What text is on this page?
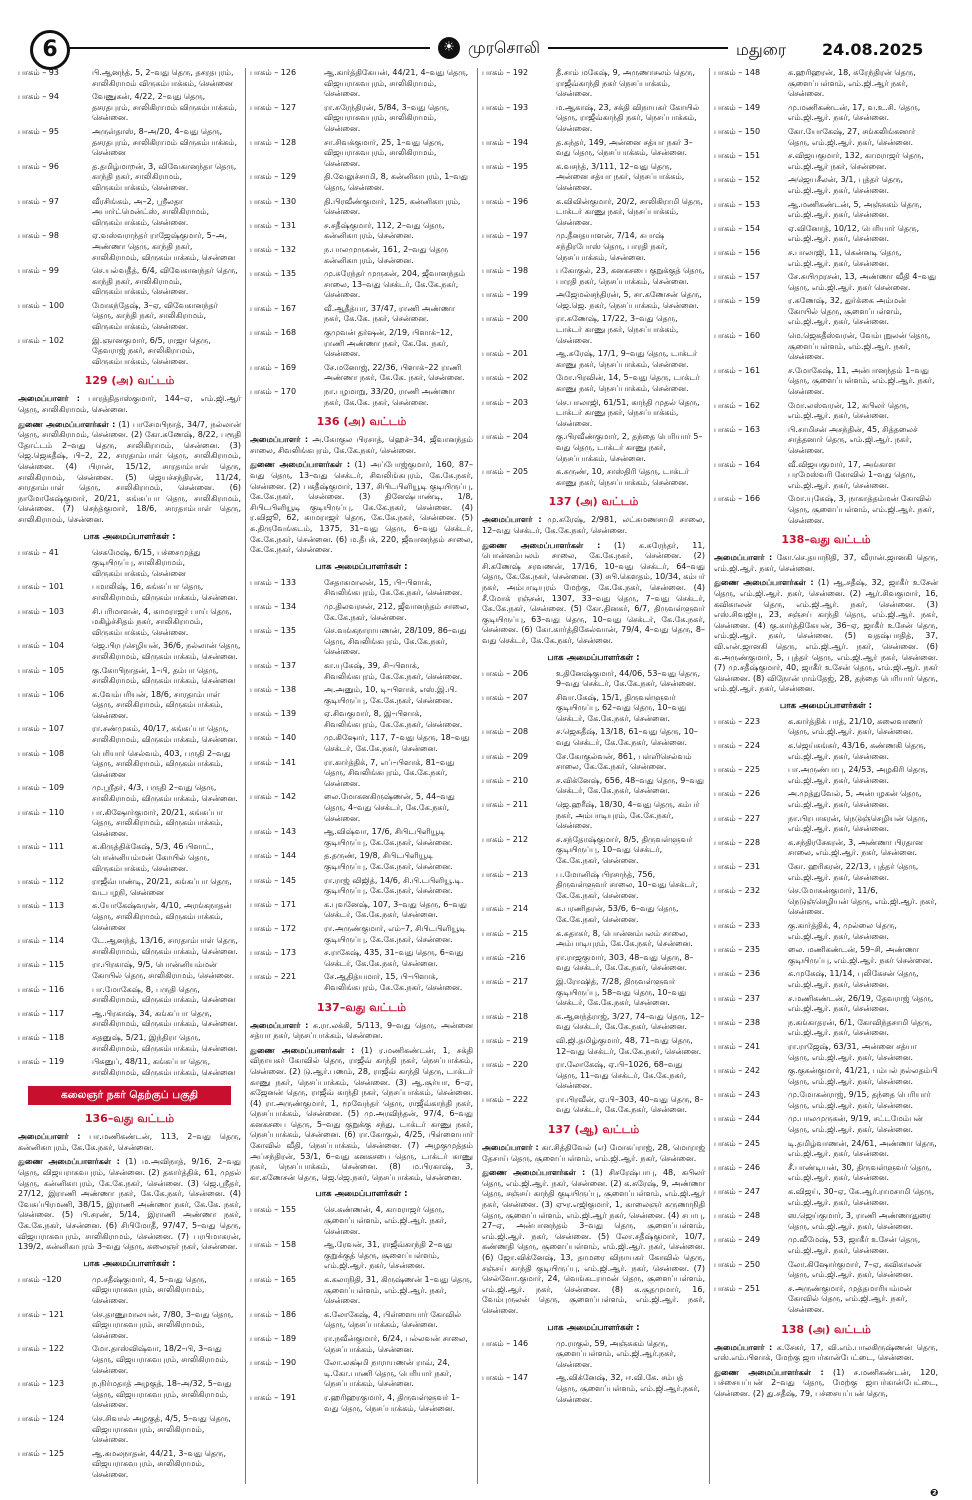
6	☀ முரசொலி	மதுரை 24.08.2025
பாகம் – 93	பி.ஆனந்த், 5, 2–வது தெரு, தசரதபுரம், சாலிகிராமம் விருகம்பாக்கம், சென்னை
பாகம் – 94	வேணுகன், 4/22, 2–வது தெரு, தசரதபுரம், சாலிகிராமம் விருகம்பாக்கம், சென்னை.
பாகம் – 95	அருள்தாஸ், 8–அ/20, 4–வது தெரு, தசரதபுரம், சாலிகிராமம் விருகம்பாக்கம், சென்னை
பாகம் – 96	த.தமிழ்மாறன், 3, விவேகானந்தா தெரு, காந்தி நகர், சாலிகிராமம், விருகம்பாக்கம், சென்னை.
பாகம் – 97	வீரசிங்கம், அ–2, ஸ்ரீலதா அபார்ட்மென்ட்ஸ், சாலிகிராமம், விருகம்பாக்கம், சென்னை.
பாகம் – 98	ஏ.வஸ்வராந்தர் ராஜேஷ்குமார், 5–அ, அண்ணா தெரு, காந்தி நகர், சாலிகிராமம், விருகம்பாக்கம், சென்னை
பாகம் – 99	செ.யல்வதீத், 6/4, விவேகானந்தர் தெரு, காந்தி நகர், சாலிகிராமம், விருகம்பாக்கம், சென்னை.
பாகம் – 100	மோகந்தேஷ், 3–ஏ, விவேகானந்தர் தெரு, காந்தி நகர், சாலிகிராமம், விருகம்பாக்கம், சென்னை.
பாகம் – 102	இ.ஞானகுமார், 6/5, ராஜா தெரு, தேவராஜ் நகர், சாலிகிராமம், விருகம்பாக்கம், சென்னை.
129 (அ) வட்டம்
அமைப்பாளர் : பாரத்திதாஸ்குமார், 144–ஏ, எம்.ஜி.ஆர் தெரு, சாலிகிராமம், சென்னை.
துணை அமைப்பாளர்கள் : (1) பாசேமபிநாத், 34/7, நல்லான் தெரு, சாலிகிராமம், சென்னை. (2) கோ.கணேஷ், 8/22, பரூதி தோட்டம் 2–வது தெரு, சாலிகிராமம், சென்னை. (3) ஜெ.ஜெகதீஷ், பி–2, 22, சாரதாம்பாள் தெரு, சாலிகிராமம், சென்னை. (4) பிரான், 15/12, சாரதாம்பாள் தெரு, சாலிகிராமம், சென்னை. (5) ஜெயச்சந்திரன், 11/24, சாரதாம்பாள் தெரு, சாலிகிராமம், சென்னை. (6) நாமோகேஷ்குமார், 20/21, கங்கப்பா தெரு, சாலிகிராமம், சென்னை. (7) செந்த்குமார், 18/6, சாரதாம்பாள் தெரு, சாலிகிராமம், சென்னை.
பாக அமைப்பாளர்கள் :
பாகம் – 41	செசுமேஷ், 6/15, பச்சைமுத்து குடியிருப்பு, சாலிகிராமம், விருகம்பாக்கம், சென்னை
பாகம் – 101	பமாலிஷ், 16, கங்கப்பா தெரு, சாலிகிராமம், விருகம்பாக்கம், சென்னை.
பாகம் – 103	சி.பரிமாளன், 4, காமராஜர் பாய் தெரு, மகிழ்ச்சிதம் நகர், சாலிகிராமம், விருகம்பாக்கம், சென்னை.
பாகம் – 104	ஜெ.பிரபுசெழியன், 36/6, நல்லான் தெரு, சாலிகிராமம், விருகம்பாக்கம், சென்னை.
பாகம் – 105	கு.கோபிநாதன், 1–பி, தம்பா தெரு, சாலிகிராமம், விருகம்பாக்கம், சென்னை
பாகம் – 106	க.வேம்பரியன், 18/6, சாரதாம்பாள் தெரு, சாலிகிராமம், விருகம்பாக்கம், சென்னை.
பாகம் – 107	ரா.சண்முகம், 40/17, கங்கப்பா தெரு, சாலிகிராமம், விருகம்பாக்கம், சென்னை.
பாகம் – 108	பெரியார் செல்வம், 403, பருதி 2–வது தெரு, சாலிகிராமம், விருகம்பாக்கம், சென்னை
பாகம் – 109	மு.ஸ்ரீதர், 4/3, பருதி 2–வது தெரு, சாலிகிராமம், விருகம்பாக்கம், சென்னை.
பாகம் – 110	பா.கிஷோர்குமார், 20/21, கங்கப்பா தெரு, சாலிகிராமம், விருகம்பாக்கம், சென்னை.
பாகம் – 111	க.கிருத்திக்கேஷ், 5/3, 46 பிளாட், பொன்னியம்மன் கோயில் தெரு, விருகம்பாக்கம், சென்னை.
பாகம் – 112	ராஜீவ்பாண்டி, 20/21, கங்கப்பா தெரு, வடபழநி, சென்னை
பாகம் – 113	க.யோகேஷ்வரன், 4/10, அரங்கநாதன் தெரு, சாலிகிராமம், விருகம்பாக்கம், சென்னை
பாகம் – 114	டே.ஆனந்த், 13/16, சாரதாம்பாள் தெரு, சாலிகிராமம், விருகம்பாக்கம், சென்னை.
பாகம் – 115	ரா.பிரகாஷ், 9/5, பொன்னியம்மன் கோயில் தெரு, சாலிகிராமம், சென்னை.
பாகம் – 116	பா.மோகேஷ், 8, பருதி தெரு, சாலிகிராமம், விருகம்பாக்கம், சென்னை
பாகம் – 117	ஆ.பிரகாஷ், 34, கங்கப்பா தெரு, சாலிகிராமம், விருகம்பாக்கம், சென்னை.
பாகம் – 118	சுதனுஷ், 5/21, இந்திரா தெரு, சாலிகிராமம், விருகம்பாக்கம், சென்னை.
பாகம் – 119	பிகனுப், 48/11, கங்கப்பா தெரு, சாலிகிராமம், விருகம்பாக்கம், சென்னை
கலைஞர் நகர் தெற்குப் பகுதி
136–வது வட்டம்
அமைப்பாளர் : பா.மணிகண்டன், 113, 2–வது தெரு, கன்னிகாபுரம், கே.கே.நகர், சென்னை.
துணை அமைப்பாளர்கள் : (1) ம.அவிநாத், 9/16, 2–வது தெரு, விஜயராகவபுரம், சென்னை. (2) தகார்த்திக், 61, முதல் தெரு, கன்னிகாபுரம், கே.கே.நகர், சென்னை. (3) ஜெ.ஸ்ரீதர், 27/12, இராணி அண்ணா நகர், கே.கே.நகர், சென்னை. (4) வேசுப்பிரமணி, 38/15, இராணி அண்ணா நகர், கே.கே. நகர், சென்னை. (5) பி.சரண், 5/14, இராணி அண்ணா நகர், கே.கே.நகர், சென்னை. (6) சிபிமோதீ, 97/47, 5–வது தெரு, விஜயராகவபுரம், சாலிகிராமம், சென்னை. (7) பரபிமாகரன், 139/2, கன்னிகாபுரம் 3–வது தெரு, கலைஞர் நகர், சென்னை.
பாக அமைப்பாளர்கள் :
பாகம் –120	மு.சதீஷ்குமார், 4, 5–வது தெரு, விஜயராகவபுரம், சாலிகிராமம், சென்னை.
பாகம் – 121	செ.தாணுமாலயன், 7/80, 3–வது தெரு, விஜயராகவபுரம், சாலிகிராமம், சென்னை.
பாகம் – 122	மோ.தாஸ்விஷ்வா, 18/2–பி, 3–வது தெரு, விஜயராகவபுரம், சாலிகிராமம், சென்னை.
பாகம் – 123	ந.நிர்மதாத் அழகுத், 18–அ/32, 5–வது தெரு, விஜயராகவபுரம், சாலிகிராமம், சென்னை.
பாகம் – 124	செ.சிவால் அழகுத், 4/5, 5–வது தெரு, விஜயராகவபுரம், சாலிகிராமம், சென்னை.
பாகம் – 125	ஆ.கமலநாதன், 44/21, 3–வது தெரு, விஜயராகவபுரம், சாலிகிராமம், சென்னை.
பாகம் – 126	ஆ.கார்த்திகேயன், 44/21, 4–வது தெரு, விஜயராகவபுரம், சாலிகிராமம், சென்னை.
பாகம் – 127	ரா.சுரேந்திரன், 5/84, 3–வது தெரு, விஜயராகவபுரம், சாலிகிராமம், சென்னை.
பாகம் – 128	சா.சிவக்குமார், 25, 1–வது தெரு, விஜயராகவபுரம், சாலிகிராமம், சென்னை.
பாகம் – 129	தி.வேலுச்சாமி, 8, கன்னிகாபுரம், 1–வது தெரு, சென்னை.
பாகம் – 130	தி.பிரவீண்குமார், 125, கன்னிகாபுரம், சென்னை.
பாகம் – 131	ச.சதீஷ்குமார், 112, 2–வது தெரு, கன்னிகாபுரம், சென்னை.
பாகம் – 132	ந.பாலமுருகன், 161, 2–வது தெரு கன்னிகாபுரம், சென்னை.
பாகம் – 135	மு.சுரேந்தர் முருகன், 204, ஜீவானந்தம் சாலை, 13–வது செக்டர், கே.கே.நகர், சென்னை.
பாகம் – 167	வீ.ஆதீத்யா, 37/47, ராணி அண்ணா நகர், கே.கே. நகர், சென்னை.
பாகம் – 168	குமுவன் தர்ஷன், 2/19, பிளாக்–12, ராணி அண்ணா நகர், கே.கே. நகர், சென்னை.
பாகம் – 169	சே.மனோஜ், 22/36, பிளாக்–22 ராணி அண்ணா நகர், கே.கே. நகர், சென்னை.
பாகம் – 170	நா.பழமாறு, 33/20, ராணி அண்ணா நகர், கே.கே. நகர், சென்னை.
136 (அ) வட்டம்
அமைப்பாளர் : அ.கோகுல பிரசாத், ஹெச்–34, ஜீவானந்தம் சாலை, சிவலிங்கபுரம், கே.கே.நகர், சென்னை.
துணை அமைப்பாளர்கள் : (1) அப்போஜ்குமார், 160, 87–வது தெரு, 13–வது செக்டர், சிவலிங்கபுரம், கே.கே.நகர், சென்னை. (2) பகதீஷ்குமார், 137, சிபிடபிளியூடி குடியிருப்பு, கே.கே.நகர், சென்னை. (3) தினேஷ்பாண்டி, 1/8, சிபிடபிளியூடி குடியிருப்பு, கே.கே.நகர், சென்னை. (4) ர.விஜூ, 62, காமராஜர் தெரு, கே.கே.நகர், சென்னை. (5) க.திருவேங்கடம், 1375, 31–வது தெரு, 6–வது செக்டர், கே.கே.நகர், சென்னை. (6) ம.தீபக், 220, ஜீவானந்தம் சாலை, கே.கே.நகர், சென்னை.
பாக அமைப்பாளர்கள் :
பாகம் – 133	சேதாகமாலன், 15, பி–பிளாக், சிவலிங்கபுரம், கே.கே.நகர், சென்னை.
பாகம் – 134	மு.திலவரசன், 212, ஜீவானந்தம் சாலை, கே.கே.நகர், சென்னை.
பாகம் – 135	செ.வங்கநாராயணன், 28/109, 86–வது தெரு, சிவலிங்கபுரம், கே.கே.நகர், சென்னை.
பாகம் – 137	கா.யுகேஷ், 39, சி–பிளாக், சிவலிங்கபுரம், கே.கே.நகர், சென்னை.
பாகம் – 138	அ.அனும், 10, டி–பிளாக், எஸ்.இ.பி. குடியிருப்பு, கே.கே.நகர், சென்னை.
பாகம் – 139	ஏ.சிவகுமார், 8, இ–பிளாக், சிவலிங்கபுரம், கே.கே.நகர், சென்னை.
பாகம் – 140	மு.கிஷோர், 117, 7–வது தெரு, 18–வது செக்டர், கே.கே.நகர், சென்னை.
பாகம் – 141	ரா.கார்த்திக், 7, எப்–பிளாக், 81–வது தெரு, சிவலிங்கபுரம், கே.கே.நகர், சென்னை.
பாகம் – 142	லை.மோகனகிருஷ்ணன், 5, 44–வது தெரு, 4–வது செக்டர், கே.கே.நகர், சென்னை.
பாகம் – 143	ஆ.விஷ்வா, 17/6, சிபிடபிளியூடி குடியிருப்பு, கே.கே.நகர், சென்னை.
பாகம் – 144	த.தருண், 19/8, சிபிடபிளியூடி குடியிருப்பு, கே.கே.நகர், சென்னை.
பாகம் – 145	ரா.ராஜ் விஜித், 14/6, சி.பி.டபிளியூ.டி. குடியிருப்பு, கே.கே.நகர், சென்னை.
பாகம் – 171	க.புவனேஷ், 107, 3–வது தெரு, 6–வது செக்டர், கே.கே.நகர், சென்னை.
பாகம் – 172	ரா.அருண்குமார், எம்–7, சிபிடபிளியூடி குடியிருப்பு, கே.கே.நகர், சென்னை.
பாகம் – 173	ச.ராகேஷ், 435, 31–வது தெரு, 6–வது செக்டர், கே.கே.நகர், சென்னை.
பாகம் – 221	சே.ஆதித்யமார், 15, பி–பிளாக், சிவலிங்கபுரம், கே.கே.நகர், சென்னை.
137–வது வட்டம்
அமைப்பாளர் : சு.ரா.லக்கி, 5/113, 9–வது தெரு, அன்னை சத்யா நகர், நெசப்பாக்கம், சென்னை.
துணை அமைப்பாளர்கள் : (1) ர.மணிகண்டன், 1, சக்தி விநாயகர் கோவில் தெரு, ராஜீவ் காந்தி நகர், நெசப்பாக்கம், சென்னை. (2) டு.ஆர்.பணம், 28, ராஜீவ் காந்தி தெரு, டாக்டர் காணு நகர், நெசப்பாக்கம், சென்னை. (3) ஆ.சூர்யா, 6–ஏ, கஜேனன் தெரு, ராஜீவ் காந்தி நகர், நெசப்பாக்கம், சென்னை. (4) ரா.அருண்குமார், 1, மூவேந்தர் தெரு, ராஜீவ்காந்தி நகர், நெசப்பாக்கம், சென்னை. (5) மு.அரவிந்தன், 97/4, 6–வது கனகசபை தெரு, 5–வது குறுக்கு சந்து, டாக்டர் காணு நகர், நெசப்பாக்கம், சென்னை. (6) ரா.கோகுல், 4/25, பிள்ளையார் கோவில் வீதி, நெசப்பாக்கம், சென்னை. (7) அழகுமுத்தம் அப்சந்திரன், 53/1, 6–வது கனகசபை தெரு, டாக்டர் காணு நகர், நெசப்பாக்கம், சென்னை. (8) ம.பிரகாஷ், 3, கா.கணேசன் தெரு, ஜெ.ஜெ.நகர், நெசப்பாக்கம், சென்னை.
பாக அமைப்பாளர்கள் :
பாகம் – 155	செ.கண்ணன், 4, காமராஜர் தெரு, சூளைப்பள்ளம், எம்.ஜி.ஆர். நகர், சென்னை.
பாகம் – 158	ஆ.ரேவன், 31, ராஜீவ்காந்தி 2–வது குறுக்குத் தெரு, சூளைப்பள்ளம், எம்.ஜி.ஆர். நகர், சென்னை.
பாகம் – 165	க.கலாநிதி, 31, கிருஷ்ணன் 1–வது தெரு, சூளைப்பள்ளம், எம்.ஜி.ஆர். நகர், சென்னை.
பாகம் – 186	க.லோகேஷ், 4, பிள்ளையார் கோவில் தெரு, நெசப்பாக்கம், சென்னை.
பாகம் – 189	ரா.நவீன்குமார், 6/24, பல்லவன் சாலை, நெசப்பாக்கம், சென்னை.
பாகம் – 190	லோ.லக்ஷ்மி நாராயணன் ராவ், 24, டி.கோ.பாணி தெரு, பெரியார் நகர், நெசப்பாக்கம், சென்னை.
பாகம் – 191	ர.ஹரிஹரகுமார், 4, திருவள்ளுவர் 1–வது தெரு, நெசப்பாக்கம், சென்னை.
பாகம் – 192	தீ.சாம் மகேஷ், 9, அருணாசலம் தெரு, ராஜீவ்காந்தி நகர் நெசப்பாக்கம், சென்னை.
பாகம் – 193	ம.ஆகாஷ், 23, சக்தி விநாயகர் கோயில் தெரு, ராஜீவ்காந்தி நகர், நெசப்பாக்கம், சென்னை.
பாகம் – 194	த.சுந்தர், 149, அன்னை சத்யா நகர் 3–வது தெரு, நெசப்பாக்கம், சென்னை.
பாகம் – 195	க.வசந்த், 3/111, 12–வது தெரு, அன்னை சத்யா நகர், நெசப்பாக்கம், சென்னை.
பாகம் – 196	க.விவின்குமார், 20/2, சாலிகிராமி தெரு, டாக்டர் காணு நகர், நெசப்பாக்கம், சென்னை.
பாகம் – 197	மு.தீனதயாளன், 7/14, சுபாஷ் சந்திரபோஸ் தெரு, பாரதி நகர், நெசப்பாக்கம், சென்னை.
பாகம் – 198	பகோகுல், 23, கனகசபை குறுக்குத் தெரு, பாரதி நகர், நெசப்பாக்கம், சென்னை.
பாகம் – 199	அஜேமல்சந்திரன், 5, சா.கணேசன் தெரு, ஜெ.ஜெ. நகர், நெசப்பாக்கம், சென்னை.
பாகம் – 200	ரா.கணேஷ், 17/22, 3–வது தெரு, டாக்டர் காணு நகர், நெசப்பாக்கம், சென்னை.
பாகம் – 201	ஆ.சுரேஷ், 17/1, 9–வது தெரு, டாக்டர் காணு நகர், நெசப்பாக்கம், சென்னை.
பாகம் – 202	மோ.பிரவின், 14, 5–வது தெரு, டாக்டர் காணு நகர், நெசப்பாக்கம், சென்னை.
பாகம் – 203	செ.பாலாஜி, 61/51, காந்தி முதல் தெரு, டாக்டர் காணு நகர், நெசப்பாக்கம், சென்னை.
பாகம் – 204	கு.பிரவீண்குமார், 2, தந்தை பெரியார் 5–வது தெரு, டாக்டர் காணு நகர், நெசப்பாக்கம், சென்னை.
பாகம் – 205	க.சுருண், 10, சாஸ்திரி தெரு, டாக்டர் காணு நகர், நெசப்பாக்கம், சென்னை.
137 (அ) வட்டம்
அமைப்பாளர் : மு.சுரேஷ், 2/981, லட்சுமணசாமி சாலை, 12–வது செக்டர், கே.கே.நகர், சென்னை.
துணை அமைப்பாளர்கள் : (1) க.சுரேந்தர், 11, பொன்னம்பலம் சாலை, கே.கே.நகர், சென்னை. (2) சி.கணேஷ் சரவணன், 17/16, 10–வது செக்டர், 64–வது தெரு, கே.கே.நகர், சென்னை. (3) சபி.கௌதம், 10/34, கம்பர் நகர், அம்பாடியுரம் மேற்கு, கே.கே.நகர், சென்னை. (4) சீ.மோக் ரஞ்சன், 1307, 33–வது தெரு, 7–வது செக்டர், கே.கே.நகர், சென்னை. (5) கோ.தினகர், 6/7, திருவள்ளுவர் குடியிருப்பு, 63–வது தெரு, 10–வது செக்டர், கே.கே.நகர், சென்னை. (6) கோ.கார்த்திகேல்வான், 79/4, 4–வது தெரு, 8–வது செக்டர், கே.கே.நகர், சென்னை.
பாக அமைப்பாளர்கள் :
பாகம் – 206	உதினேஷ்குமார், 44/06, 53–வது தெரு, 9–வது செக்டர், கே.கே.நகர், சென்னை.
பாகம் – 207	சிவா.கேஷ், 15/1, திருவள்ளுவர் குடியிருப்பு, 62–வது தெரு, 10–வது செக்டர், கே.கே.நகர், சென்னை.
பாகம் – 208	ச.ஜெகதீஷ், 13/18, 61–வது தெரு, 10–வது செக்டர், கே.கே.நகர், சென்னை.
பாகம் – 209	சே.கோகுல்வன், 861, பள்ளிசெல்வம் சாலை, கே.கே.நகர், சென்னை.
பாகம் – 210	ச.விக்னேஷ், 656, 48–வது தெரு, 9–வது செக்டர், கே.கே.நகர், சென்னை.
பாகம் – 211	ஜெ.ஹரீஷ், 18/30, 4–வது தெரு, கம்பர் நகர், அம்பாடியுரம், கே.கே.நகர், சென்னை.
பாகம் – 212	ச.சந்தோஷ்குமார், 8/5, திருவள்ளுவர் குடியிருப்பு, 10–வது செக்டர், கே.கே.நகர், சென்னை.
பாகம் – 213	ப.மோனிஷ் பிரசாந்த், 756, திருவள்ளுவர் சாலை, 10–வது செக்டர், கே.கே.நகர், சென்னை.
பாகம் – 214	க.பரணிதரன், 53/6, 6–வது தெரு, கே.கே.நகர், சென்னை.
பாகம் – 215	க.சுதாகர், 8, பொன்னம்பலம் சாலை, அம்பாடியுரம், கே.கே.நகர், சென்னை.
பாகம் –216	ரா.ராஜகுமார், 303, 48–வது தெரு, 8–வது செக்டர், கே.கே.நகர், சென்னை.
பாகம் – 217	இ.ரோஷித், 7/28, திருவள்ளுவர் குடியிருப்பு, 58–வது தெரு, 10–வது செக்டர், கே.கே.நகர், சென்னை.
பாகம் – 218	க.ஆனந்த்ராஜ், 3/27, 74–வது தெரு, 12–வது செக்டர், கே.கே.நகர், சென்னை.
பாகம் – 219	வி.ஜி.தமிழ்குமார், 48, 71–வது தெரு, 12–வது செக்டர், கே.கே.நகர், சென்னை.
பாகம் – 220	ரா.லோகேஷ், ஏ.பி–1026, 68–வது தெரு, 11–வது செக்டர், கே.கே.நகர், சென்னை.
பாகம் – 222	ரா.பிரவீன், ஏ.பி–303, 40–வது தெரு, 8–வது செக்டர், கே.கே.நகர், சென்னை.
137 (ஆ) வட்டம்
அமைப்பாளர் : கா.சித்திவேல் (எ) மோகப்ராஜ், 28, மொராஜ் தேசாய் தெரு, சூளைப்பள்ளம், எம்.ஜி.ஆர். நகர், சென்னை.
துணை அமைப்பாளர்கள் : (1) சிசரேஷ்பாபு, 48, கபிலர் தெரு, எம்.ஜி.ஆர். நகர், சென்னை. (2) க.சுரேஷ், 9, அண்ணா தெரு, சஞ்சய் காந்தி குடியிருப்பு, சூளைப்பள்ளம், எம்.ஜி.ஆர் நகர், சென்னை. (3) ஏுர.எஜிகுமார், 1, காலைஞர் கருணாநிதி தெரு, சூளைப்பள்ளம், எம்.ஜி.ஆர் நகர், சென்னை. (4) சபாபு, 27–ஏ, அன்பானந்தம் 3–வது தெரு, சூளைப்பள்ளம், எம்.ஜி.ஆர். நகர், சென்னை. (5) லோ.சதீஷ்குமார், 10/7, கண்ணதி தெரு, சூளைப்பள்ளம், எம்.ஜி.ஆர். நகர், சென்னை. (6) ஜோ.விக்னேஷ், 13, தாமரை விநாயகர் கோவில் தெரு, சஞ்சய் காந்தி குடியிருப்பு, எம்.ஜி.ஆர். நகர், சென்னை. (7) செல்வோ.குமார், 24, வெங்கடராமன் தெரு, சூளைப்பள்ளம், எம்.ஜி.ஆர். நகர், சென்னை. (8) க.சூதமுமார், 16, வேம்புருலன் தெரு, சூளைப்பள்ளம், எம்.ஜி.ஆர். நகர், சென்னை.
பாக அமைப்பாளர்கள் :
பாகம் – 146	மு.ராகுல், 59, அஞ்சுகம் தெரு, சூளைப்பள்ளம், எம்.ஜி.ஆர்.நகர், சென்னை.
பாகம் – 147	ஆ.விக்னேஷ், 32, ஈ.வி.கே. சம்பத் தெரு, சூளைப்பள்ளம், எம்.ஜி.ஆர்.நகர், சென்னை.
பாகம் – 148	க.ஹரிஹரன், 18, சுரேந்திரன் தெரு, சூளைப்பள்ளம், எம்.ஜி.ஆர் நகர், சென்னை.
பாகம் – 149	மு.மணிகண்டன், 17, வ.உ.சி. தெரு, எம்.ஜி.ஆர். நகர், சென்னை.
பாகம் – 150	கோ.யோகேஷ், 27, சங்கலிங்கனார் தெரு, எம்.ஜி.ஆர். நகர், சென்னை.
பாகம் – 151	ச.விஜயகுமார், 132, காமராஜர் தெரு, எம்.ஜி.ஆர் நகர், சென்னை.
பாகம் – 152	அஜெயசீலன், 3/1, புத்தர் தெரு, எம்.ஜி.ஆர். நகர், சென்னை.
பாகம் – 153	ஆ.மணிகண்டன், 5, அஞ்சுகம் தெரு, எம்.ஜி.ஆர். நகர், சென்னை.
பாகம் – 154	ஏ.வினோத், 10/12, பெரியார் தெரு, எம்.ஜி.ஆர். நகர், சென்னை.
பாகம் – 156	ச.பாலாஜி, 11, கென்னடி தெரு, எம்.ஜி.ஆர். நகர், சென்னை.
பாகம் – 157	சே.சுயிமுரசன், 13, அண்ணா வீதி 4–வது தெரு, எம்.ஜி.ஆர். நகர் சென்னை.
பாகம் – 159	ர.கணேஷ், 32, துர்க்கை அம்மன் கோயில் தெரு, சூளைப்பள்ளம், எம்.ஜி.ஆர். நகர், சென்னை.
பாகம் – 160	மெ.ஜெகதீஸ்வரன், வேம்புறுலன் தெரு, சூளைப்பள்ளம், எம்.ஜி.ஆர். நகர், சென்னை.
பாகம் – 161	ச.மோகேஷ், 11, அன்பானந்தம் 1–வது தெரு, சூளைப்பள்ளம், எம்.ஜி.ஆர். நகர், சென்னை.
பாகம் – 162	மோ.லஸ்வரன், 12, கபிலர் தெரு, எம்.ஜி.ஆர். நகர், சென்னை.
பாகம் – 163	பி.சாமிசன் அசந்தின், 45, சித்தலைச் சாத்தனார் தெரு, எம்.ஜி.ஆர். நகர், சென்னை.
பாகம் – 164	வீ.விஜயகுமார், 17, அங்காள பரமேஸ்வரி கோவில் 1–வது தெரு, எம்.ஜி.ஆர். நகர், சென்னை.
பாகம் – 166	மோ.யுகேஷ், 3, நாகாத்தம்மன் கோவில் தெரு, சூளைப்பள்ளம், எம்.ஜி.ஆர். நகர், சென்னை.
138–வது வட்டம்
அமைப்பாளர் : கோ.செ.தயாநிதி, 37, வீரான்.ஜானகி தெரு, எம்.ஜி.ஆர். நகர், சென்னை.
துணை அமைப்பாளர்கள் : (1) ஆ.சதீஷ், 32, ஜாகீர் உசேன் தெரு, எம்.ஜி.ஆர். நகர், சென்னை. (2) ஆர்.சிவகுமார், 16, கவிகாலன் தெரு, எம்.ஜி.ஆர். நகர், சென்னை. (3) எஸ்.சிவஜியு, 23, சஞ்சய் காந்தி தெரு, எம்.ஜி.ஆர். நகர், சென்னை. (4) கு.கார்த்திகேயன், 36–ஏ, ஜாகீர் உசேன் தெரு, எம்.ஜி.ஆர். நகர், சென்னை. (5) வதஷ்பாதித், 37, வி.என்.ஜானகி தெரு, எம்.ஜி.ஆர். நகர், சென்னை. (6) க.அருண்குமார், 5, புத்தர் தெரு, எம்.ஜி.ஆர் நகர், சென்னை. (7) மு.சதீஷ்குமார், 40, ஜாகீர் உசேன் தெரு, எம்.ஜி.ஆர். நகர் சென்னை. (8) விநோன் ராம்தேஜ், 28, தந்தை பெரியார் தெரு, எம்.ஜி.ஆர். நகர், சென்னை.
பாக அமைப்பாளர்கள் :
பாகம் – 223	க.கார்த்திக் பாத், 21/10, கலைவாணர் தெரு, எம்.ஜி.ஆர். நகர், சென்னை.
பாகம் – 224	க.ஜெய்கங்கர், 43/16, கண்ணகி தெரு, எம்.ஜி.ஆர். நகர், சென்னை.
பாகம் – 225	பா.அருண்பாபு, 24/53, அழகிரி தெரு, எம்.ஜி.ஆர். நகர், சென்னை.
பாகம் – 226	அ.முத்துவேல், 5, அன்பழகன் தெரு, எம்.ஜி.ஆர். நகர், சென்னை.
பாகம் – 227	நா.பிரபாகரன், நெடுஞ்செழியன் தெரு, எம்.ஜி.ஆர். நகர், சென்னை.
பாகம் – 228	க.சந்திரசேகரன், 3, அண்ணா பிரதான சாலை, எம்.ஜி.ஆர். நகர், சென்னை.
பாகம் – 231	கோ. ஹரிகரன், 22/13, புத்தர் தெரு, எம்.ஜி.ஆர். நகர், சென்னை.
பாகம் – 232	செ.மோகன்குமார், 11/6, நெடுஞ்செழியன் தெரு, எம்.ஜி.ஆர். நகர், சென்னை.
பாகம் – 233	கு.கார்த்திக், 4, முல்லை தெரு, எம்.ஜி.ஆர். நகர், சென்னை.
பாகம் – 235	லை. மணிகண்டன், 59–சி, அண்ணா குடியிருப்பு, எம்.ஜி.ஆர். நகர் சென்னை.
பாகம் – 236	க.முகேஷ், 11/14, புலிகேசன் தெரு, எம்.ஜி.ஆர். நகர், சென்னை.
பாகம் – 237	ச.மணிகண்டன், 26/19, தேவராஜ் தெரு, எம்.ஜி.ஆர். நகர், சென்னை.
பாகம் – 238	ந.கங்காதரன், 6/1, கோவிந்தசாமி தெரு, எம்.ஜி.ஆர். நகர், சென்னை.
பாகம் – 241	ரா.ராஜேஷ், 63/31, அன்னை சத்யா தெரு, எம்.ஜி.ஆர். நகர், சென்னை.
பாகம் – 242	கு.குகன்குமார், 41/21, பம்பல் நல்லதம்பி தெரு, எம்.ஜி.ஆர். நகர், சென்னை.
பாகம் – 243	மு.மோகன்ராஜ், 9/15, தந்தை பெரியார் தெரு, எம்.ஜி.ஆர். நகர், சென்னை.
பாகம் – 244	மு.பாலமுருகன், 9/19, சட்டமேம்பன் தெரு, எம்.ஜி.ஆர். நகர், சென்னை.
பாகம் – 245	டி.தமிழ்வாணன், 24/61, அண்ணா தெரு, எம்.ஜி.ஆர். நகர், சென்னை.
பாகம் – 246	சீ.பாண்டியன், 30, திருவள்ளுவர் தெரு, எம்.ஜி.ஆர். நகர், சென்னை.
பாகம் – 247	க.விஜய், 30–ஏ, கே.ஆர்.ராமசாமி தெரு, எம்.ஜி.ஆர். நகர், சென்னை.
பாகம் – 248	ஸ.ஜெய்குமார், 3, ராணி அண்ணாதுரை தெரு, எம்.ஜி.ஆர். நகர், சென்னை.
பாகம் – 249	மு.வீமேஷ், 53, ஜாகீர் உசேன் தெரு, எம்.ஜி.ஆர். நகர், சென்னை.
பாகம் – 250	லோ.கிஷோர்குமார், 7–ஏ, கவிகாலன் தெரு, எம்.ஜி.ஆர். நகர், சென்னை.
பாகம் – 251	ச.அருண்குமார், முத்தமாரியம்மன் கோவில் தெரு, எம்.ஜி.ஆர். நகர், சென்னை.
138 (அ) வட்டம்
அமைப்பாளர் : க.சேகர், 17, வி.எம்.பாலகிருஷ்ணன் தெரு, எஸ்.எம்.பிளாக், மேற்கு ஜாபர்கான்பேட்டை, சென்னை.
துணை அமைப்பாளர்கள் : (1) ச.மணிகண்டன், 120, பச்சையப்பன் 2–வது தெரு, மேற்கு ஜாபர்கான்பேட்டை, சென்னை. (2) து.சதீஷ், 79, பச்சையப்பன் தெரு,
❷
